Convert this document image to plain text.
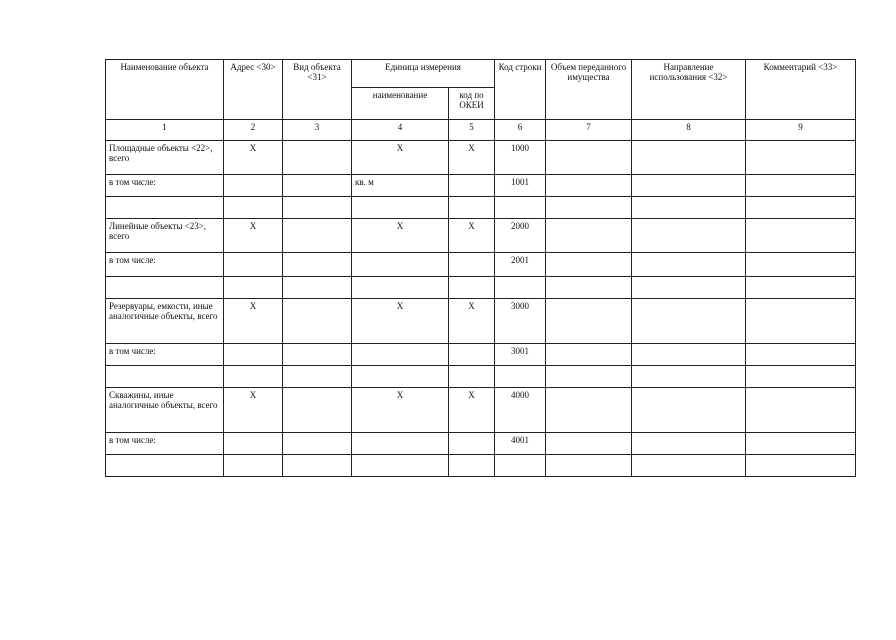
Наименование объекта	Адрес <30>	Вид объекта <31>	Единица измерения		Код строки	Объем переданного имущества	Направление использования <32>	Комментарий <33>
			наименование	код по ОКЕИ				
1	2	3	4	5	6	7	8	9
Площадные объекты <22>, всего	Х		Х	Х	1000			
в том числе:			кв. м		1001			

Линейные объекты <23>, всего	Х		Х	Х	2000			
в том числе:					2001			

Резервуары, емкости, иные аналогичные объекты, всего	Х		Х	Х	3000			
в том числе:					3001			

Скважины, иные аналогичные объекты, всего	Х		Х	Х	4000			
в том числе:					4001			
